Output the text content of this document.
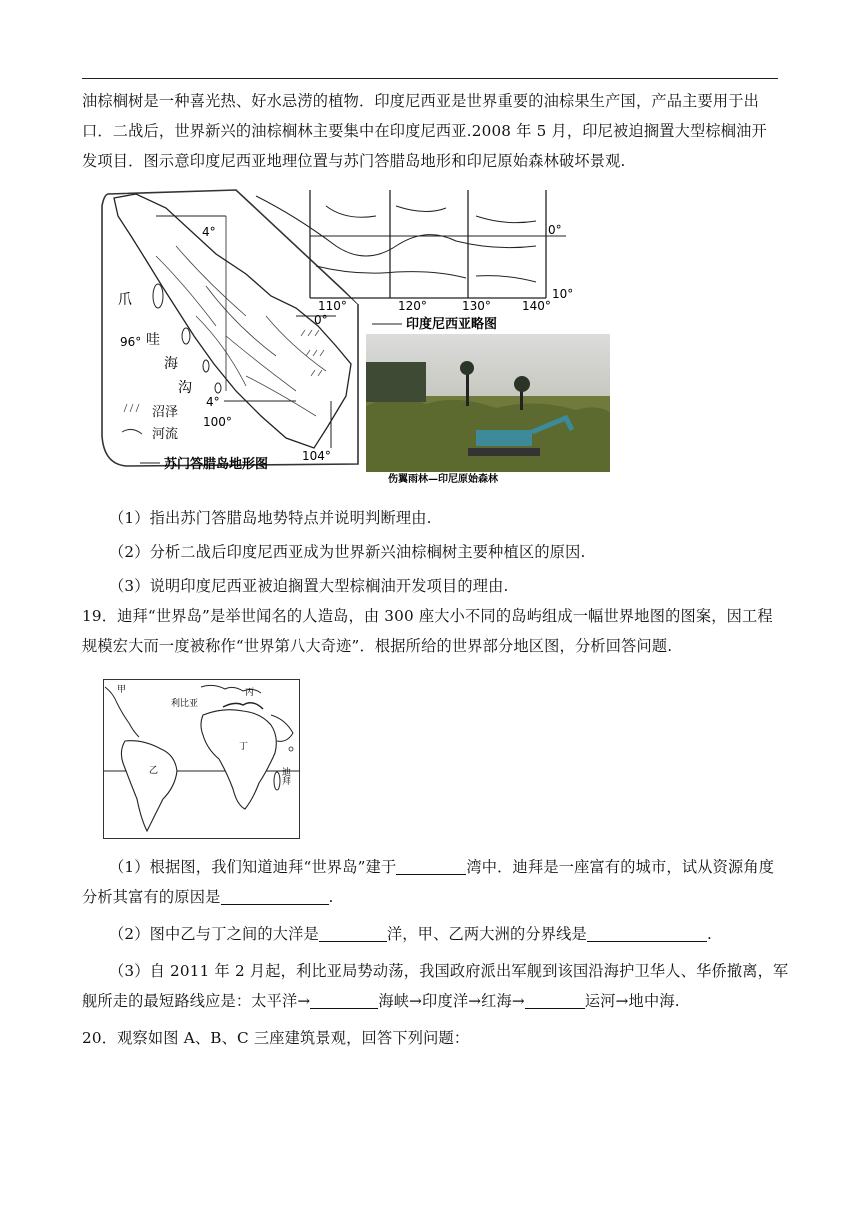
油棕榈树是一种喜光热、好水忌涝的植物．印度尼西亚是世界重要的油棕果生产国，产品主要用于出
口．二战后，世界新兴的油棕榈林主要集中在印度尼西亚.2008 年 5 月，印尼被迫搁置大型棕榈油开
发项目．图示意印度尼西亚地理位置与苏门答腊岛地形和印尼原始森林破坏景观.
4°
0°
96°
4°
100°
104°
爪
哇
海
沟
沼泽
河流
苏门答腊岛地形图
0°
10°
110°	120°	130°	140°
印度尼西亚略图
伤翼雨林—印尼原始森林
（1）指出苏门答腊岛地势特点并说明判断理由.
（2）分析二战后印度尼西亚成为世界新兴油棕榈树主要种植区的原因.
（3）说明印度尼西亚被迫搁置大型棕榈油开发项目的理由.
19．迪拜“世界岛”是举世闻名的人造岛，由 300 座大小不同的岛屿组成一幅世界地图的图案，因工程
规模宏大而一度被称作“世界第八大奇迹”．根据所给的世界部分地区图，分析回答问题.
甲	丙
利比亚
乙
丁
迪拜
（1）根据图，我们知道迪拜“世界岛”建于	湾中．迪拜是一座富有的城市，试从资源角度
分析其富有的原因是	.
（2）图中乙与丁之间的大洋是	洋，甲、乙两大洲的分界线是	.
（3）自 2011 年 2 月起，利比亚局势动荡，我国政府派出军舰到该国沿海护卫华人、华侨撤离，军
舰所走的最短路线应是：太平洋→	海峡→印度洋→红海→	运河→地中海.
20．观察如图 A、B、C 三座建筑景观，回答下列问题：
